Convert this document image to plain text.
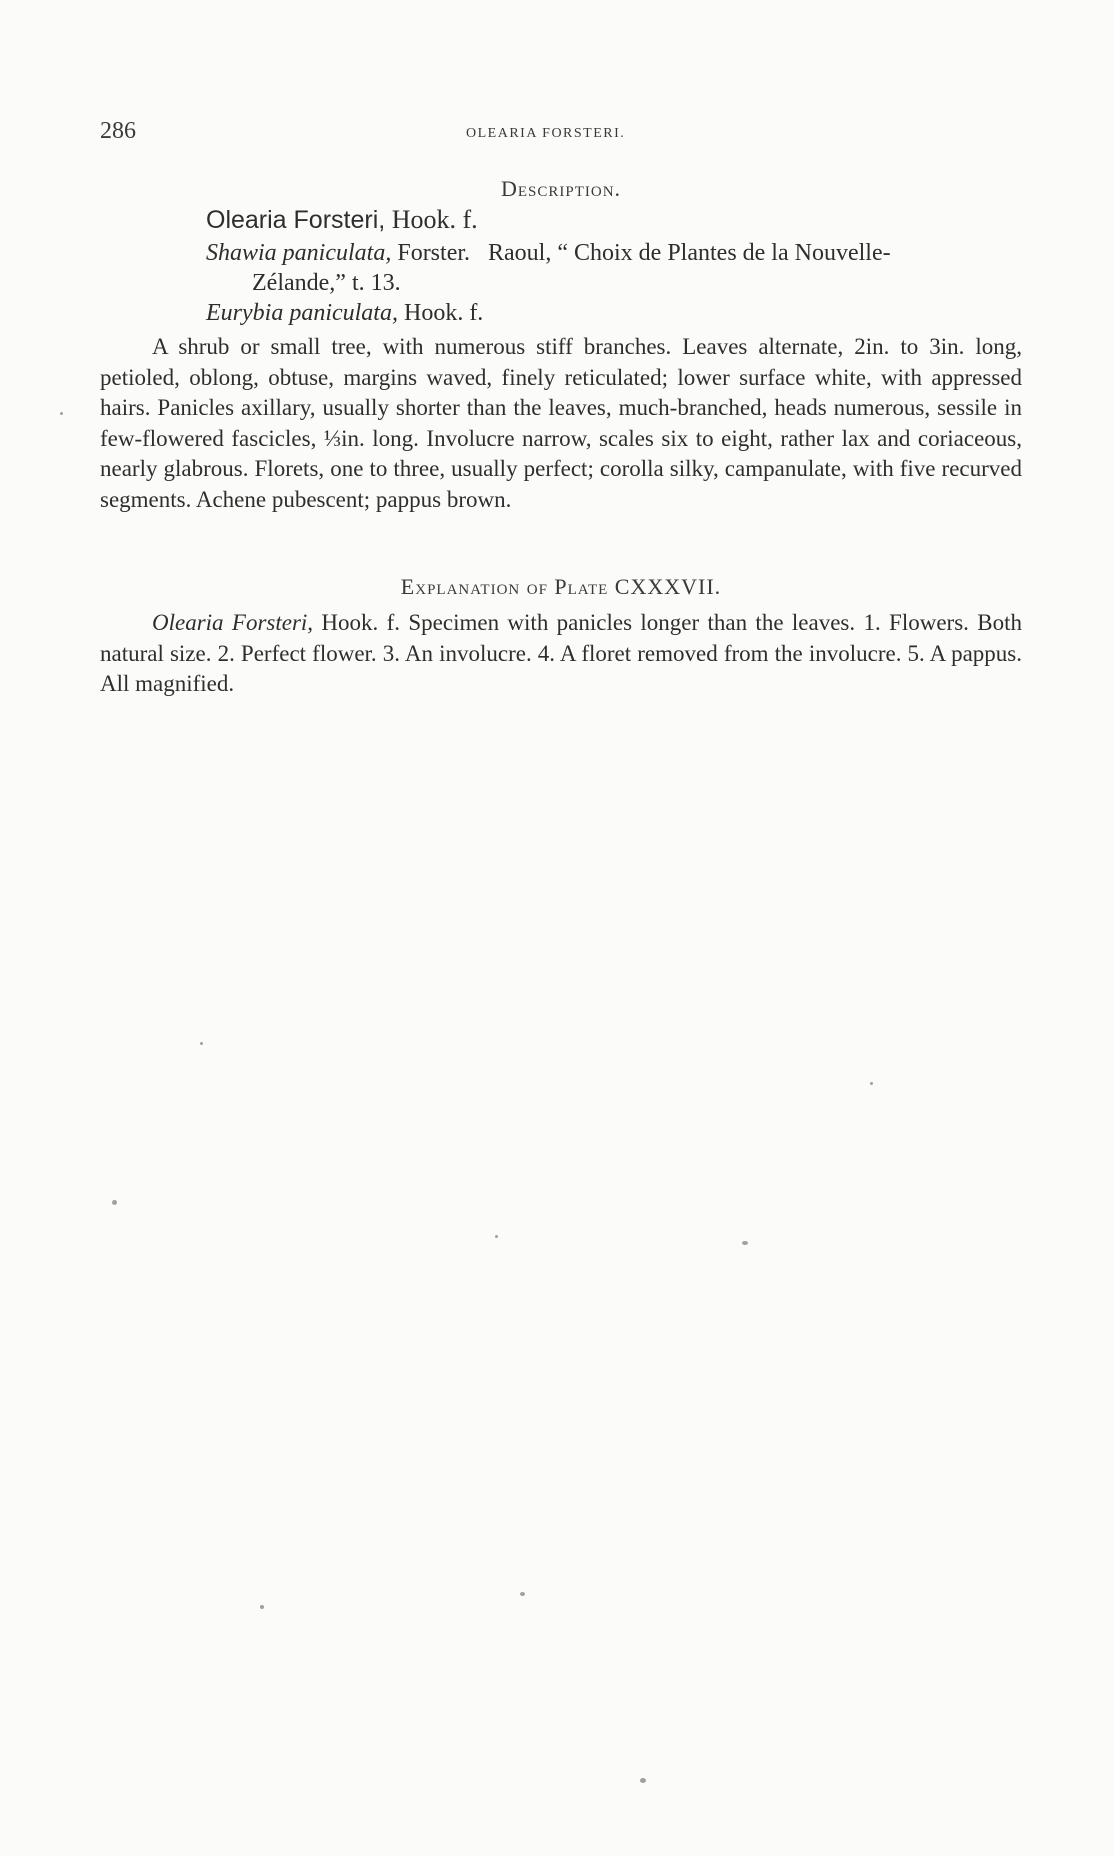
286	OLEARIA FORSTERI.

Description.

Olearia Forsteri, Hook. f.

Shawia paniculata, Forster. Raoul, “ Choix de Plantes de la Nouvelle-

Zélande,” t. 13.

Eurybia paniculata, Hook. f.

A shrub or small tree, with numerous stiff branches. Leaves alternate, 2in. to 3in. long, petioled, oblong, obtuse, margins waved, finely reticulated; lower surface white, with appressed hairs. Panicles axillary, usually shorter than the leaves, much-branched, heads numerous, sessile in few-flowered fascicles, ⅓in. long. Involucre narrow, scales six to eight, rather lax and coriaceous, nearly glabrous. Florets, one to three, usually perfect; corolla silky, campanulate, with five recurved segments. Achene pubescent; pappus brown.

Explanation of Plate CXXXVII.

Olearia Forsteri, Hook. f. Specimen with panicles longer than the leaves. 1. Flowers. Both natural size. 2. Perfect flower. 3. An involucre. 4. A floret removed from the involucre. 5. A pappus. All magnified.
